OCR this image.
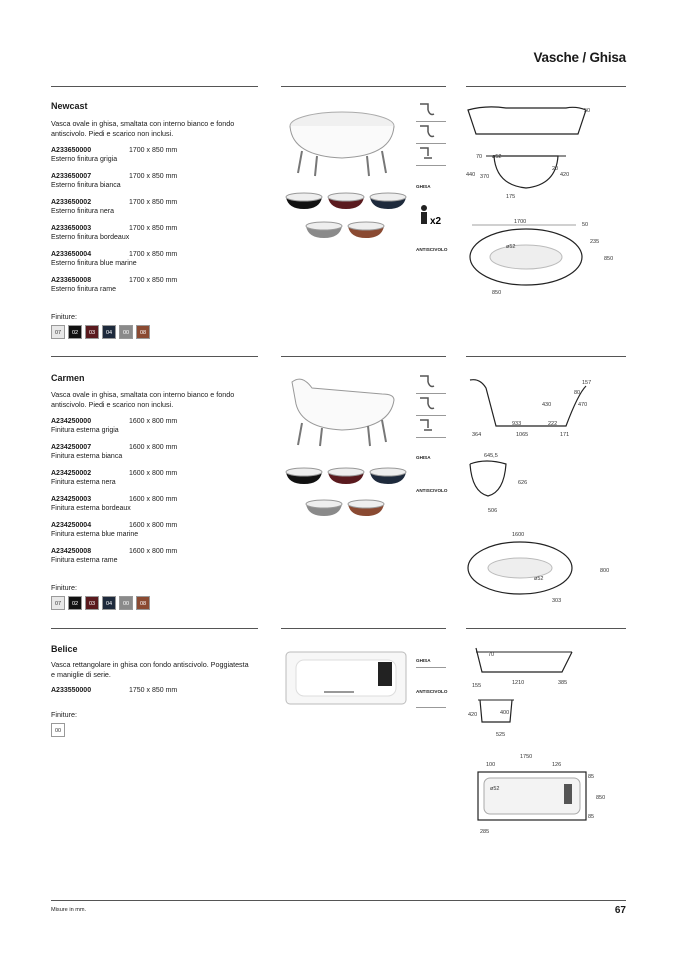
Vasche / Ghisa
Newcast
Vasca ovale in ghisa, smaltata con interno bianco e fondo antiscivolo. Piedi e scarico non inclusi.
A233650000	1700 x 850 mm
Esterno finitura grigia
A233650007	1700 x 850 mm
Esterno finitura bianca
A233650002	1700 x 850 mm
Esterno finitura nera
A233650003	1700 x 850 mm
Esterno finitura bordeaux
A233650004	1700 x 850 mm
Esterno finitura blue marine
A233650008	1700 x 850 mm
Esterno finitura rame
Finiture:
07	02	03	04	00	08
GHISA
x2
ANTISCIVOLO
50
70 ø52
440 370
20
420
175
1700	50
235
ø52
850
850
Carmen
Vasca ovale in ghisa, smaltata con interno bianco e fondo antiscivolo. Piedi e scarico non inclusi.
A234250000	1600 x 800 mm
Finitura esterna grigia
A234250007	1600 x 800 mm
Finitura esterna bianca
A234250002	1600 x 800 mm
Finitura esterna nera
A234250003	1600 x 800 mm
Finitura esterna bordeaux
A234250004	1600 x 800 mm
Finitura esterna blue marine
A234250008	1600 x 800 mm
Finitura esterna rame
Finiture:
07	02	03	04	00	08
GHISA
ANTISCIVOLO
157
80
430	470
933	222
364	1065	171
645,5
626
506
1600
800
ø52
303
Belice
Vasca rettangolare in ghisa con fondo antiscivolo. Poggiatesta e maniglie di serie.
A233550000	1750 x 850 mm
Finiture:
00
GHISA
ANTISCIVOLO
70
155	1210	385
420	400
525
1750
100	126
85
ø52
850
85
285
Misure in mm.	67
